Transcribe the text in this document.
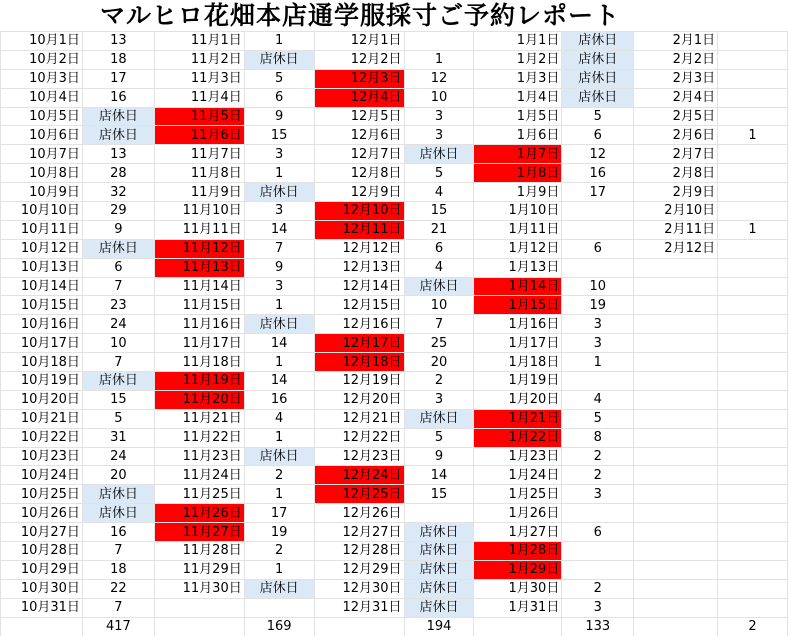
マルヒロ花畑本店通学服採寸ご予約レポート
10月1日	13	11月1日	1	12月1日		1月1日	店休日	2月1日	
10月2日	18	11月2日	店休日	12月2日	1	1月2日	店休日	2月2日	
10月3日	17	11月3日	5	12月3日	12	1月3日	店休日	2月3日	
10月4日	16	11月4日	6	12月4日	10	1月4日	店休日	2月4日	
10月5日	店休日	11月5日	9	12月5日	3	1月5日	5	2月5日	
10月6日	店休日	11月6日	15	12月6日	3	1月6日	6	2月6日	1
10月7日	13	11月7日	3	12月7日	店休日	1月7日	12	2月7日	
10月8日	28	11月8日	1	12月8日	5	1月8日	16	2月8日	
10月9日	32	11月9日	店休日	12月9日	4	1月9日	17	2月9日	
10月10日	29	11月10日	3	12月10日	15	1月10日		2月10日	
10月11日	9	11月11日	14	12月11日	21	1月11日		2月11日	1
10月12日	店休日	11月12日	7	12月12日	6	1月12日	6	2月12日	
10月13日	6	11月13日	9	12月13日	4	1月13日			
10月14日	7	11月14日	3	12月14日	店休日	1月14日	10		
10月15日	23	11月15日	1	12月15日	10	1月15日	19		
10月16日	24	11月16日	店休日	12月16日	7	1月16日	3		
10月17日	10	11月17日	14	12月17日	25	1月17日	3		
10月18日	7	11月18日	1	12月18日	20	1月18日	1		
10月19日	店休日	11月19日	14	12月19日	2	1月19日			
10月20日	15	11月20日	16	12月20日	3	1月20日	4		
10月21日	5	11月21日	4	12月21日	店休日	1月21日	5		
10月22日	31	11月22日	1	12月22日	5	1月22日	8		
10月23日	24	11月23日	店休日	12月23日	9	1月23日	2		
10月24日	20	11月24日	2	12月24日	14	1月24日	2		
10月25日	店休日	11月25日	1	12月25日	15	1月25日	3		
10月26日	店休日	11月26日	17	12月26日		1月26日			
10月27日	16	11月27日	19	12月27日	店休日	1月27日	6		
10月28日	7	11月28日	2	12月28日	店休日	1月28日			
10月29日	18	11月29日	1	12月29日	店休日	1月29日			
10月30日	22	11月30日	店休日	12月30日	店休日	1月30日	2		
10月31日	7			12月31日	店休日	1月31日	3		
	417		169		194		133		2
